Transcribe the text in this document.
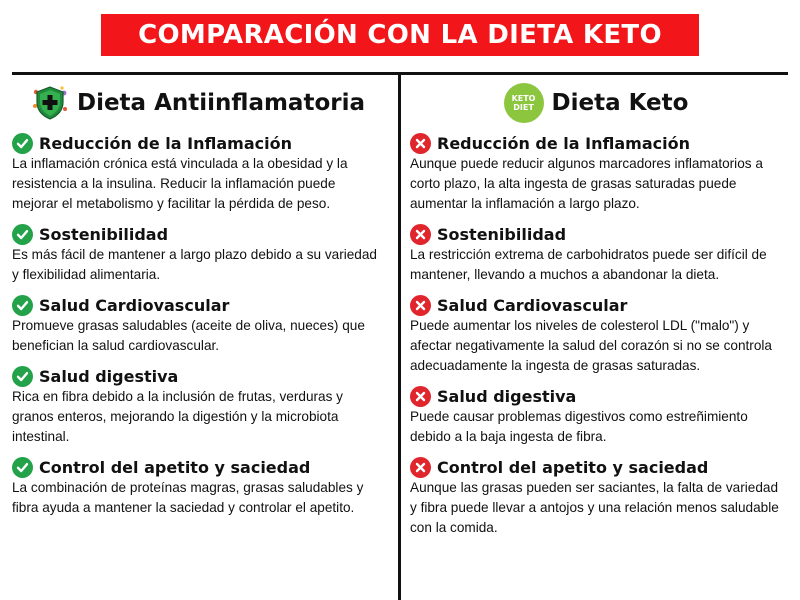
COMPARACIÓN CON LA DIETA KETO
Dieta Antiinflamatoria
Reducción de la Inflamación
La inflamación crónica está vinculada a la obesidad y la resistencia a la insulina. Reducir la inflamación puede mejorar el metabolismo y facilitar la pérdida de peso.
Sostenibilidad
Es más fácil de mantener a largo plazo debido a su variedad y flexibilidad alimentaria.
Salud Cardiovascular
Promueve grasas saludables (aceite de oliva, nueces) que benefician la salud cardiovascular.
Salud digestiva
Rica en fibra debido a la inclusión de frutas, verduras y granos enteros, mejorando la digestión y la microbiota intestinal.
Control del apetito y saciedad
La combinación de proteínas magras, grasas saludables y fibra ayuda a mantener la saciedad y controlar el apetito.
KETO
DIET Dieta Keto
Reducción de la Inflamación
Aunque puede reducir algunos marcadores inflamatorios a corto plazo, la alta ingesta de grasas saturadas puede aumentar la inflamación a largo plazo.
Sostenibilidad
La restricción extrema de carbohidratos puede ser difícil de mantener, llevando a muchos a abandonar la dieta.
Salud Cardiovascular
Puede aumentar los niveles de colesterol LDL ("malo") y afectar negativamente la salud del corazón si no se controla adecuadamente la ingesta de grasas saturadas.
Salud digestiva
Puede causar problemas digestivos como estreñimiento debido a la baja ingesta de fibra.
Control del apetito y saciedad
Aunque las grasas pueden ser saciantes, la falta de variedad y fibra puede llevar a antojos y una relación menos saludable con la comida.
